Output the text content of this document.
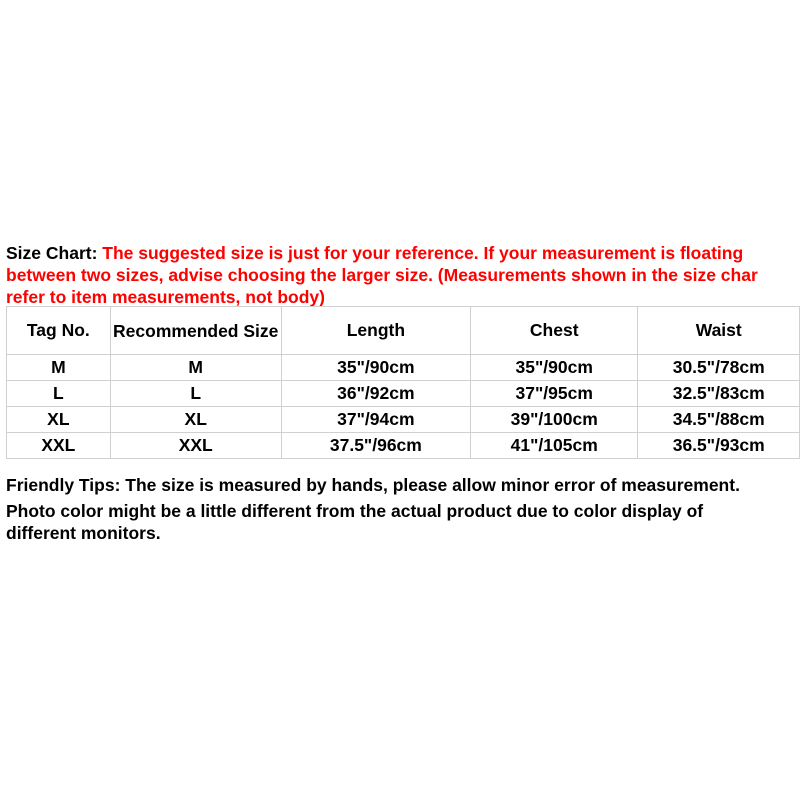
Size Chart: The suggested size is just for your reference. If your measurement is floating
between two sizes, advise choosing the larger size. (Measurements shown in the size char
refer to item measurements, not body)
Tag No.	Recommended Size	Length	Chest	Waist
M	M	35"/90cm	35"/90cm	30.5"/78cm
L	L	36"/92cm	37"/95cm	32.5"/83cm
XL	XL	37"/94cm	39"/100cm	34.5"/88cm
XXL	XXL	37.5"/96cm	41"/105cm	36.5"/93cm
Friendly Tips: The size is measured by hands, please allow minor error of measurement.
Photo color might be a little different from the actual product due to color display of
different monitors.
